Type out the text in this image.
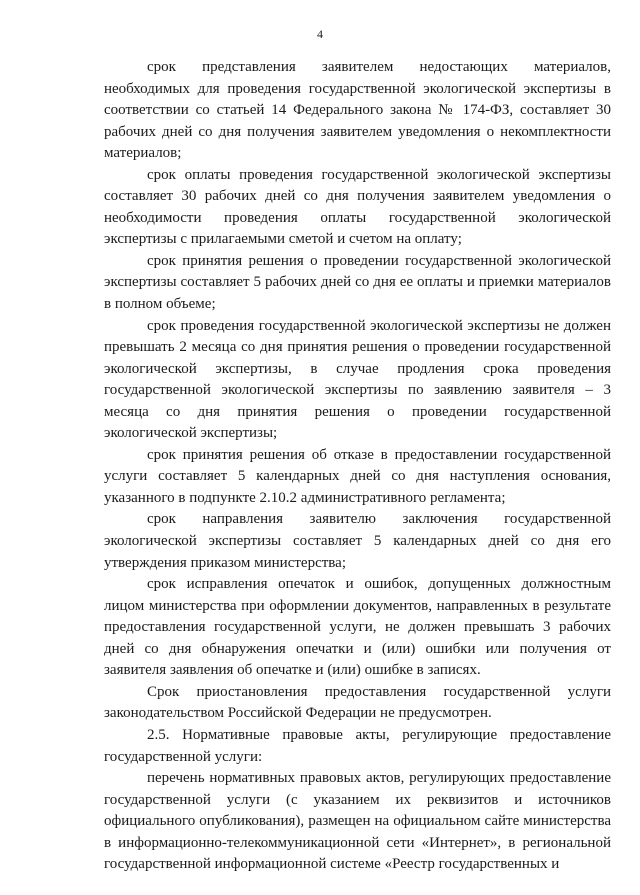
4

срок представления заявителем недостающих материалов, необходимых для проведения государственной экологической экспертизы в соответствии со статьей 14 Федерального закона № 174-ФЗ, составляет 30 рабочих дней со дня получения заявителем уведомления о некомплектности материалов;

срок оплаты проведения государственной экологической экспертизы составляет 30 рабочих дней со дня получения заявителем уведомления о необходимости проведения оплаты государственной экологической экспертизы с прилагаемыми сметой и счетом на оплату;

срок принятия решения о проведении государственной экологической экспертизы составляет 5 рабочих дней со дня ее оплаты и приемки материалов в полном объеме;

срок проведения государственной экологической экспертизы не должен превышать 2 месяца со дня принятия решения о проведении государственной экологической экспертизы, в случае продления срока проведения государственной экологической экспертизы по заявлению заявителя – 3 месяца со дня принятия решения о проведении государственной экологической экспертизы;

срок принятия решения об отказе в предоставлении государственной услуги составляет 5 календарных дней со дня наступления основания, указанного в подпункте 2.10.2 административного регламента;

срок направления заявителю заключения государственной экологической экспертизы составляет 5 календарных дней со дня его утверждения приказом министерства;

срок исправления опечаток и ошибок, допущенных должностным лицом министерства при оформлении документов, направленных в результате предоставления государственной услуги, не должен превышать 3 рабочих дней со дня обнаружения опечатки и (или) ошибки или получения от заявителя заявления об опечатке и (или) ошибке в записях.

Срок приостановления предоставления государственной услуги законодательством Российской Федерации не предусмотрен.

2.5. Нормативные правовые акты, регулирующие предоставление государственной услуги:

перечень нормативных правовых актов, регулирующих предоставление государственной услуги (с указанием их реквизитов и источников официального опубликования), размещен на официальном сайте министерства в информационно-телекоммуникационной сети «Интернет», в региональной государственной информационной системе «Реестр государственных и
